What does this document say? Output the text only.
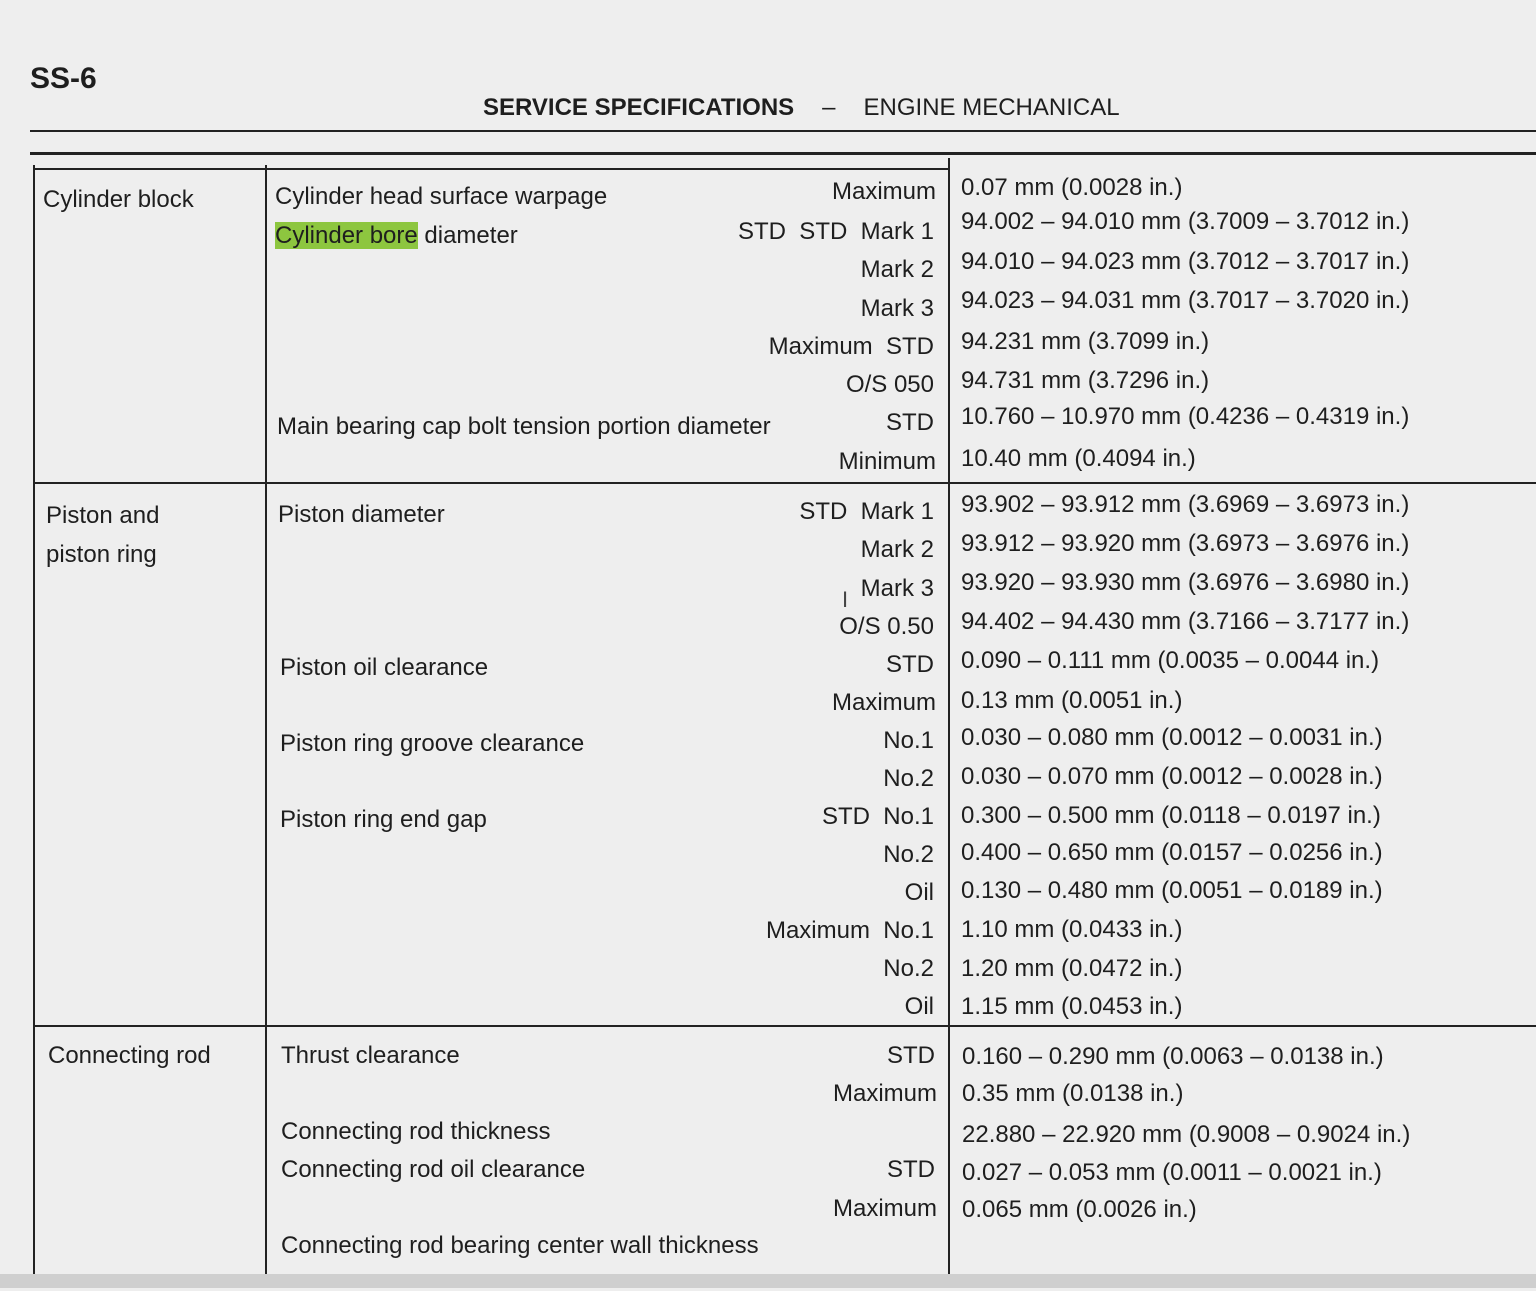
SS-6
SERVICE SPECIFICATIONS – ENGINE MECHANICAL
Cylinder block	Cylinder head surface warpage	Maximum 0.07 mm (0.0028 in.)
Cylinder bore diameter	STD  STD  Mark 1 94.002 – 94.010 mm (3.7009 – 3.7012 in.)
Mark 2 94.010 – 94.023 mm (3.7012 – 3.7017 in.)
Mark 3 94.023 – 94.031 mm (3.7017 – 3.7020 in.)
Maximum  STD 94.231 mm (3.7099 in.)
O/S 050 94.731 mm (3.7296 in.)
Main bearing cap bolt tension portion diameter	STD 10.760 – 10.970 mm (0.4236 – 0.4319 in.)
Minimum 10.40 mm (0.4094 in.)
Piston and
piston ring
Piston diameter	STD  Mark 1 93.902 – 93.912 mm (3.6969 – 3.6973 in.)
Mark 2 93.912 – 93.920 mm (3.6973 – 3.6976 in.)
Mark 3 93.920 – 93.930 mm (3.6976 – 3.6980 in.)
O/S 0.50 94.402 – 94.430 mm (3.7166 – 3.7177 in.)
Piston oil clearance	STD 0.090 – 0.111 mm (0.0035 – 0.0044 in.)
Maximum 0.13 mm (0.0051 in.)
Piston ring groove clearance	No.1 0.030 – 0.080 mm (0.0012 – 0.0031 in.)
No.2 0.030 – 0.070 mm (0.0012 – 0.0028 in.)
Piston ring end gap	STD  No.1 0.300 – 0.500 mm (0.0118 – 0.0197 in.)
No.2 0.400 – 0.650 mm (0.0157 – 0.0256 in.)
Oil 0.130 – 0.480 mm (0.0051 – 0.0189 in.)
Maximum  No.1 1.10 mm (0.0433 in.)
No.2 1.20 mm (0.0472 in.)
Oil 1.15 mm (0.0453 in.)
Connecting rod	Thrust clearance	STD 0.160 – 0.290 mm (0.0063 – 0.0138 in.)
Maximum 0.35 mm (0.0138 in.)
Connecting rod thickness	22.880 – 22.920 mm (0.9008 – 0.9024 in.)
Connecting rod oil clearance	STD 0.027 – 0.053 mm (0.0011 – 0.0021 in.)
Maximum 0.065 mm (0.0026 in.)
Connecting rod bearing center wall thickness
I
